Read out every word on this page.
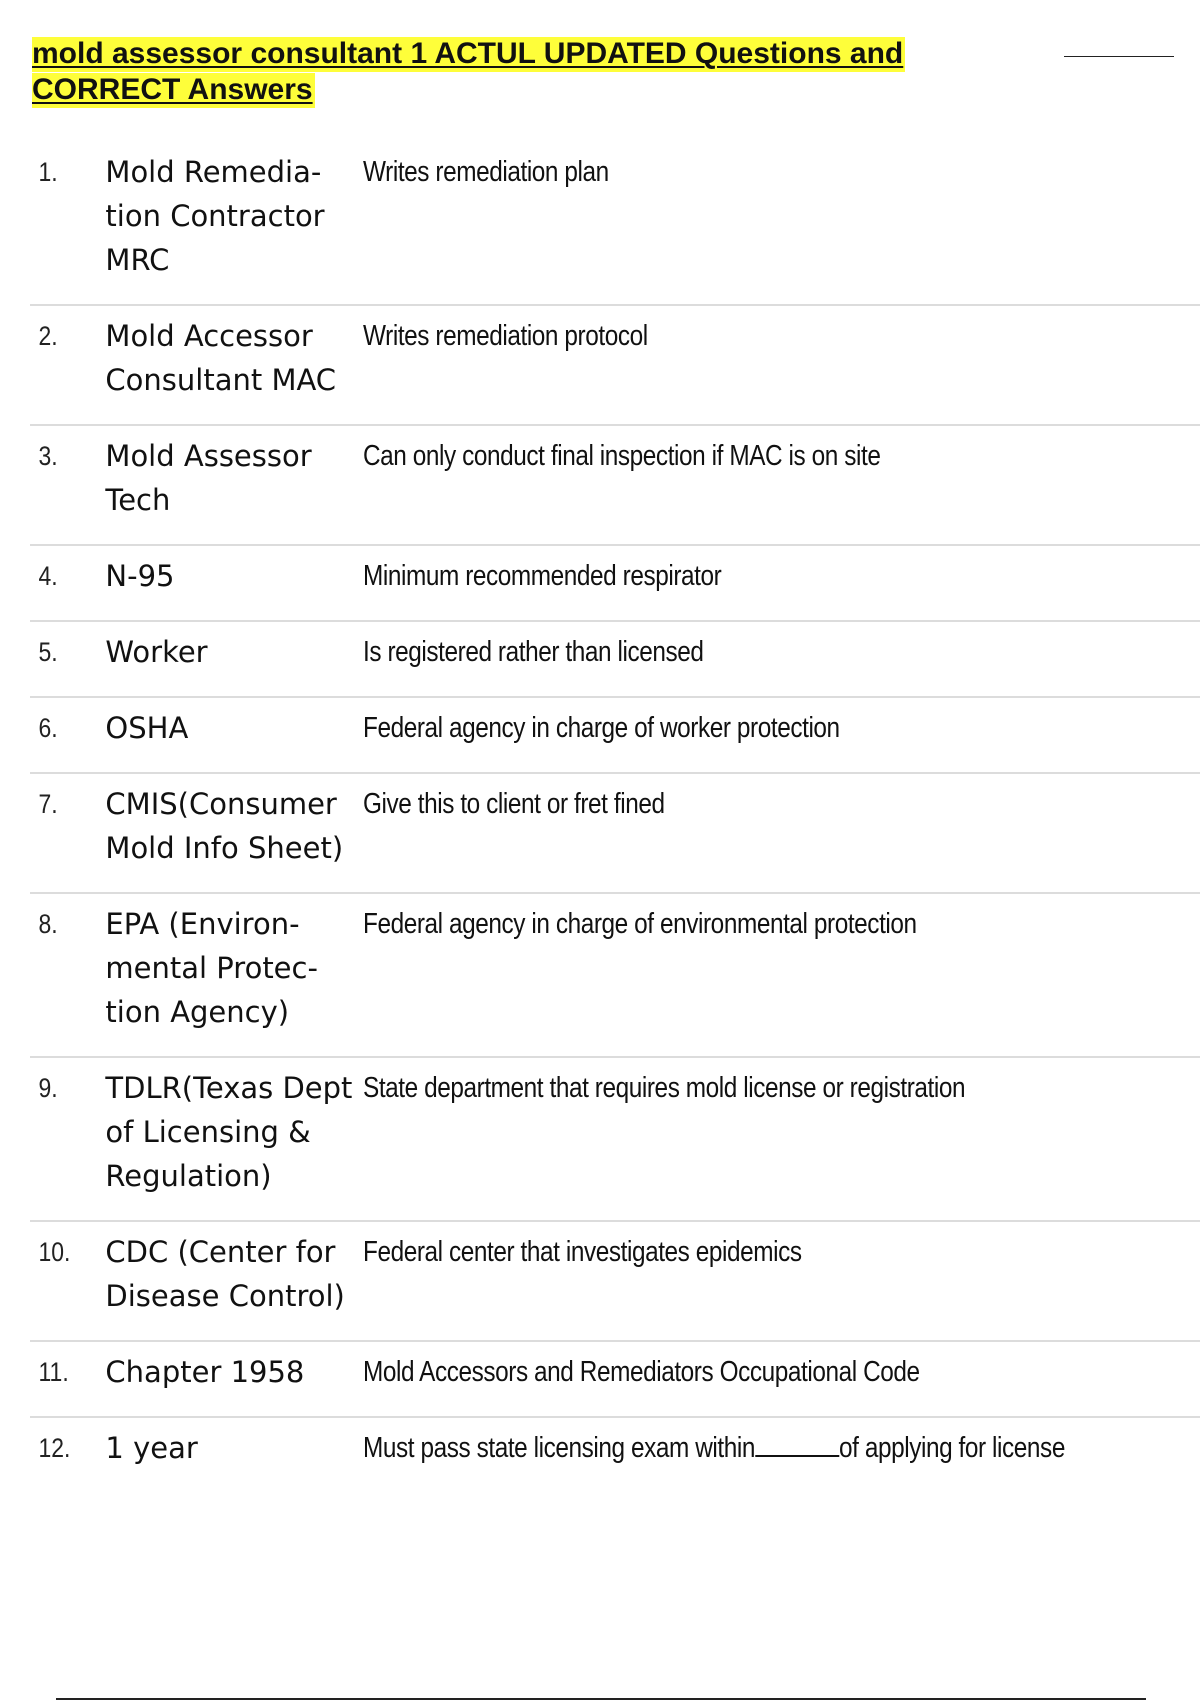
mold assessor consultant 1 ACTUL UPDATED Questions and CORRECT Answers
1.	Mold Remedia-tion Contractor MRC	Writes remediation plan
2.	Mold Accessor Consultant MAC	Writes remediation protocol
3.	Mold Assessor Tech	Can only conduct final inspection if MAC is on site
4.	N-95	Minimum recommended respirator
5.	Worker	Is registered rather than licensed
6.	OSHA	Federal agency in charge of worker protection
7.	CMIS(Consumer Mold Info Sheet)	Give this to client or fret fined
8.	EPA (Environ-mental Protec-tion Agency)	Federal agency in charge of environmental protection
9.	TDLR(Texas Dept of Licensing & Regulation)	State department that requires mold license or registration
10.	CDC (Center for Disease Control)	Federal center that investigates epidemics
11.	Chapter 1958	Mold Accessors and Remediators Occupational Code
12.	1 year	Must pass state licensing exam within of applying for license
